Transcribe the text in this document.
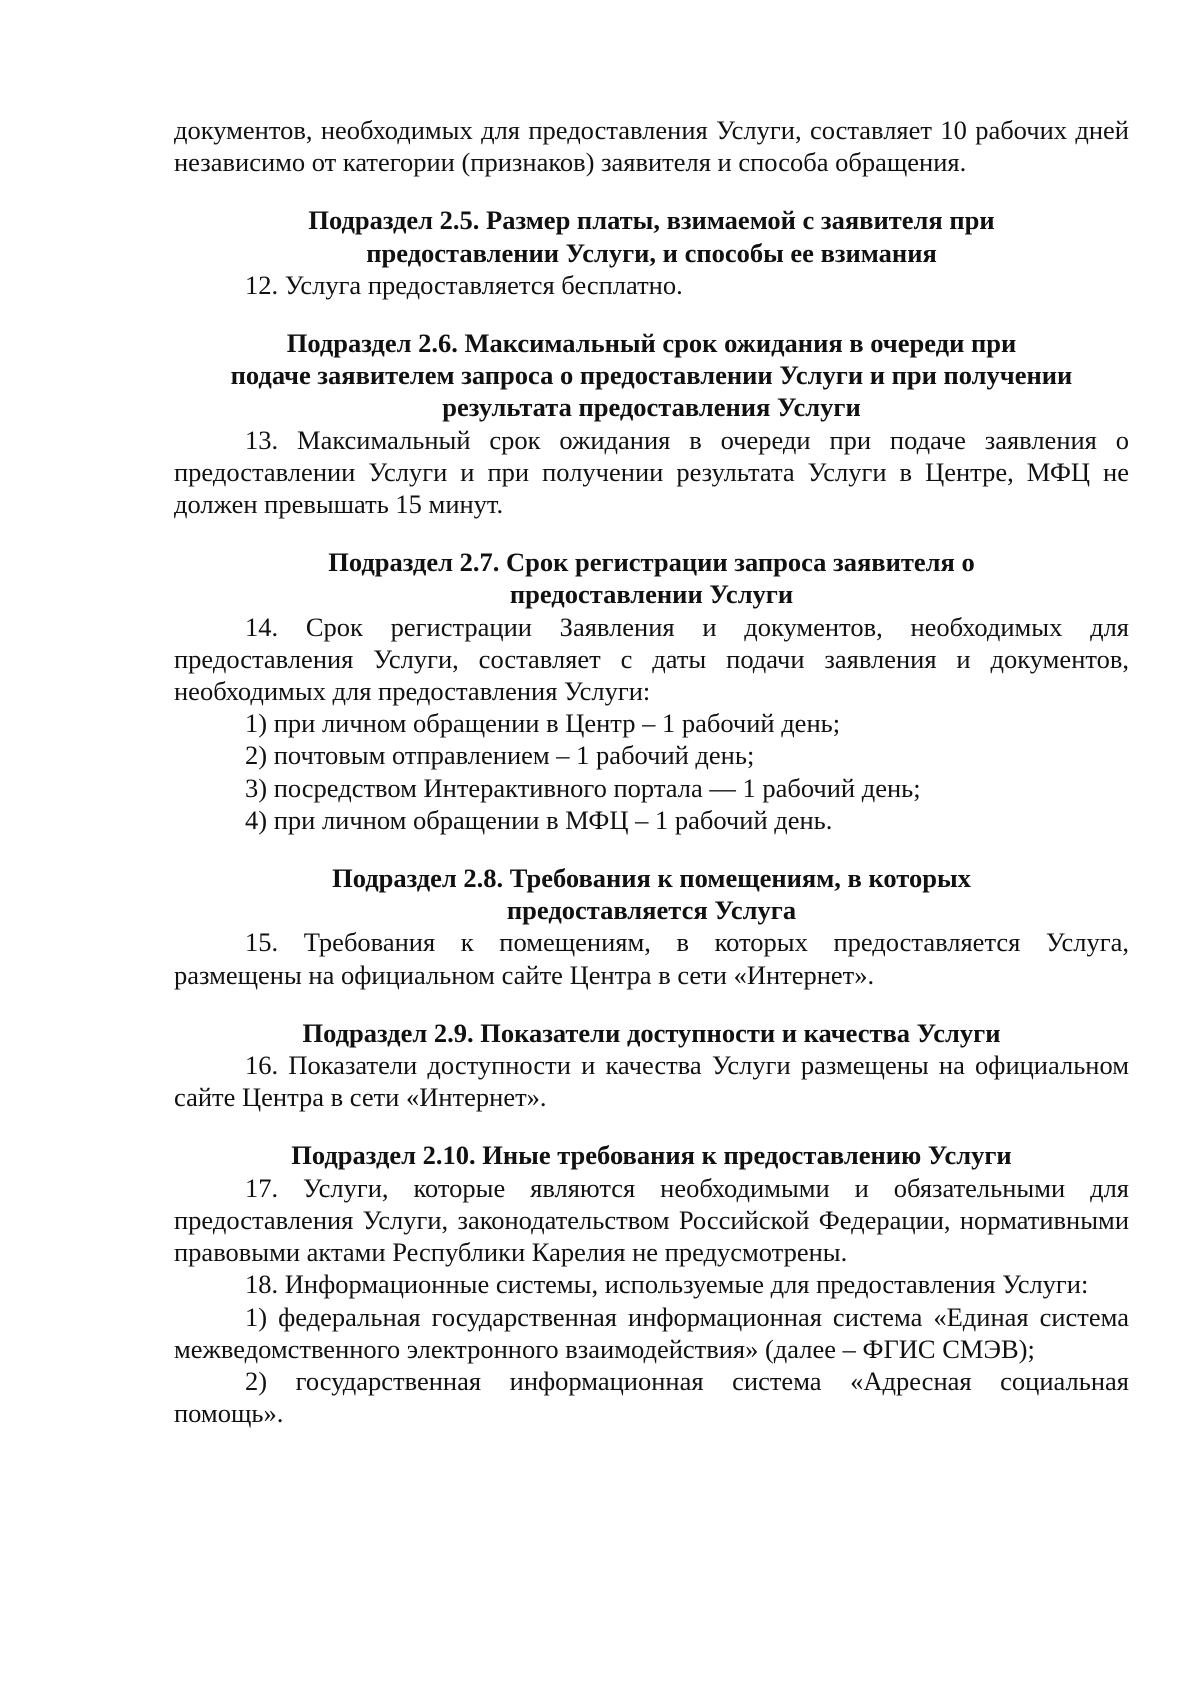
документов, необходимых для предоставления Услуги, составляет 10 рабочих дней независимо от категории (признаков) заявителя и способа обращения.

Подраздел 2.5. Размер платы, взимаемой с заявителя при
предоставлении Услуги, и способы ее взимания

12. Услуга предоставляется бесплатно.

Подраздел 2.6. Максимальный срок ожидания в очереди при
подаче заявителем запроса о предоставлении Услуги и при получении
результата предоставления Услуги

13. Максимальный срок ожидания в очереди при подаче заявления о предоставлении Услуги и при получении результата Услуги в Центре, МФЦ не должен превышать 15 минут.

Подраздел 2.7. Срок регистрации запроса заявителя о
предоставлении Услуги

14. Срок регистрации Заявления и документов, необходимых для предоставления Услуги, составляет с даты подачи заявления и документов, необходимых для предоставления Услуги:

1) при личном обращении в Центр – 1 рабочий день;

2) почтовым отправлением – 1 рабочий день;

3) посредством Интерактивного портала — 1 рабочий день;

4) при личном обращении в МФЦ – 1 рабочий день.

Подраздел 2.8. Требования к помещениям, в которых
предоставляется Услуга

15. Требования к помещениям, в которых предоставляется Услуга, размещены на официальном сайте Центра в сети «Интернет».

Подраздел 2.9. Показатели доступности и качества Услуги

16. Показатели доступности и качества Услуги размещены на официальном сайте Центра в сети «Интернет».

Подраздел 2.10. Иные требования к предоставлению Услуги

17. Услуги, которые являются необходимыми и обязательными для предоставления Услуги, законодательством Российской Федерации, нормативными правовыми актами Республики Карелия не предусмотрены.

18. Информационные системы, используемые для предоставления Услуги:

1) федеральная государственная информационная система «Единая система межведомственного электронного взаимодействия» (далее – ФГИС СМЭВ);

2) государственная информационная система «Адресная социальная помощь».
